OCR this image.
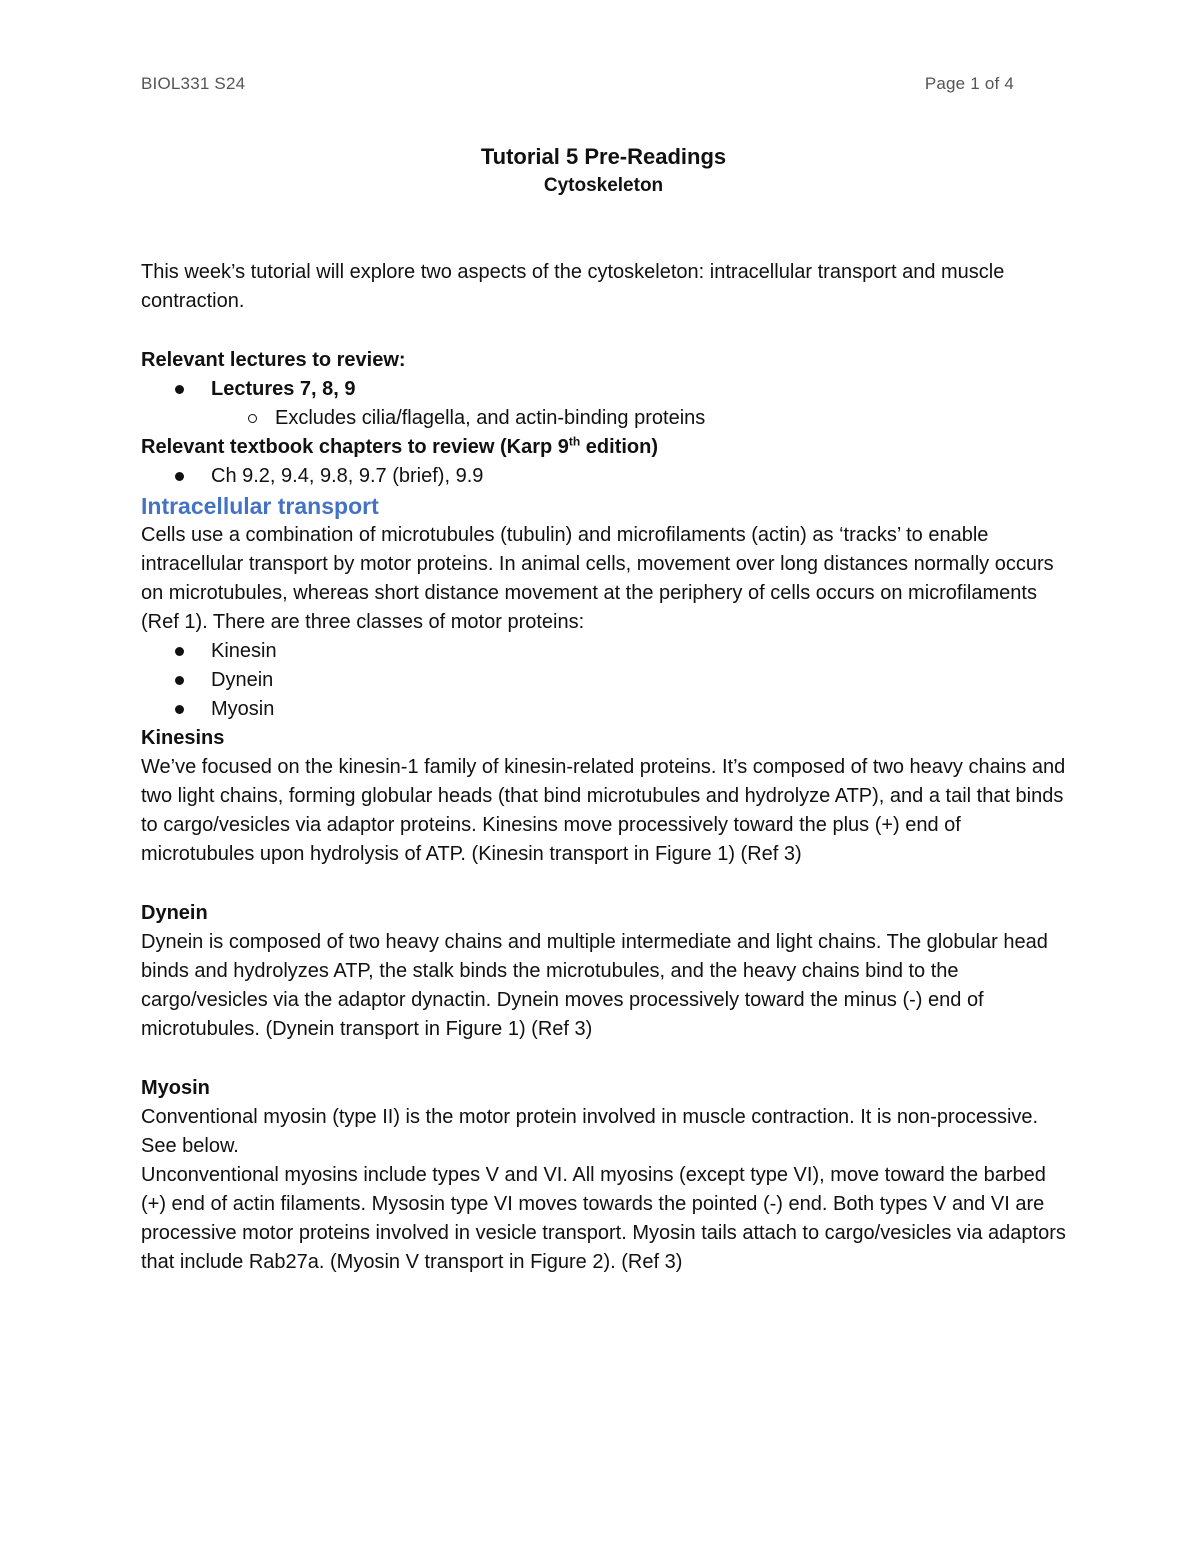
BIOL331 S24	Page 1 of 4
Tutorial 5 Pre-Readings
Cytoskeleton

This week’s tutorial will explore two aspects of the cytoskeleton: intracellular transport and muscle contraction.

Relevant lectures to review:

Lectures 7, 8, 9
Excludes cilia/flagella, and actin-binding proteins

Relevant textbook chapters to review (Karp 9th edition)

Ch 9.2, 9.4, 9.8, 9.7 (brief), 9.9

Intracellular transport

Cells use a combination of microtubules (tubulin) and microfilaments (actin) as ‘tracks’ to enable intracellular transport by motor proteins. In animal cells, movement over long distances normally occurs on microtubules, whereas short distance movement at the periphery of cells occurs on microfilaments (Ref 1). There are three classes of motor proteins:

Kinesin
Dynein
Myosin

Kinesins

We’ve focused on the kinesin-1 family of kinesin-related proteins. It’s composed of two heavy chains and two light chains, forming globular heads (that bind microtubules and hydrolyze ATP), and a tail that binds to cargo/vesicles via adaptor proteins. Kinesins move processively toward the plus (+) end of microtubules upon hydrolysis of ATP. (Kinesin transport in Figure 1) (Ref 3)

Dynein

Dynein is composed of two heavy chains and multiple intermediate and light chains. The globular head binds and hydrolyzes ATP, the stalk binds the microtubules, and the heavy chains bind to the cargo/vesicles via the adaptor dynactin. Dynein moves processively toward the minus (-) end of microtubules. (Dynein transport in Figure 1) (Ref 3)

Myosin

Conventional myosin (type II) is the motor protein involved in muscle contraction. It is non-processive. See below.

Unconventional myosins include types V and VI. All myosins (except type VI), move toward the barbed (+) end of actin filaments. Mysosin type VI moves towards the pointed (-) end. Both types V and VI are processive motor proteins involved in vesicle transport. Myosin tails attach to cargo/vesicles via adaptors that include Rab27a. (Myosin V transport in Figure 2). (Ref 3)
